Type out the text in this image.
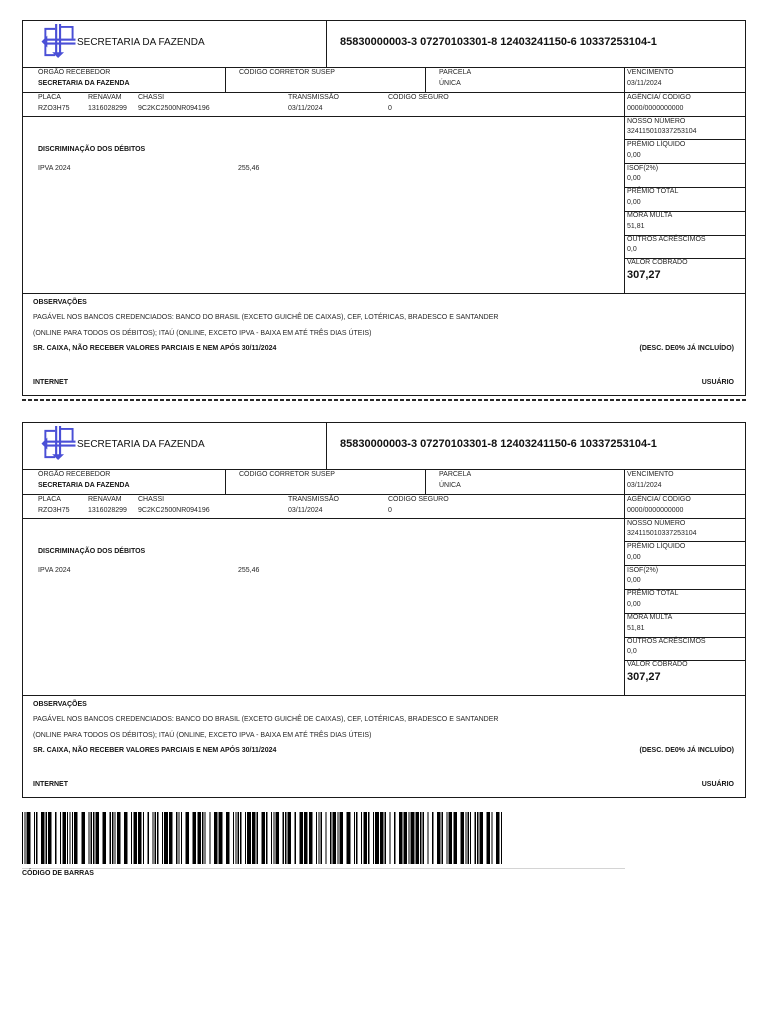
SECRETARIA DA FAZENDA	85830000003-3 07270103301-8 12403241150-6 10337253104-1
ÓRGÃO RECEBEDOR
SECRETARIA DA FAZENDA
CÓDIGO CORRETOR SUSEP	PARCELA
ÚNICA
PLACA
RZO3H75
RENAVAM
1316028299
CHASSI
9C2KC2500NR094196
TRANSMISSÃO
03/11/2024
CÓDIGO SEGURO
0
VENCIMENTO
03/11/2024
AGÊNCIA/ CÓDIGO
0000/0000000000
NOSSO NÚMERO
324115010337253104
PRÊMIO LÍQUIDO
0,00
ISOF(2%)
0,00
PRÊMIO TOTAL
0,00
MORA MULTA
51,81
OUTROS ACRÉSCIMOS
0,0
VALOR COBRADO
307,27
DISCRIMINAÇÃO DOS DÉBITOS
IPVA 2024	255,46
OBSERVAÇÕES
PAGÁVEL NOS BANCOS CREDENCIADOS: BANCO DO BRASIL (EXCETO GUICHÊ DE CAIXAS), CEF, LOTÉRICAS, BRADESCO E SANTANDER
(ONLINE PARA TODOS OS DÉBITOS); ITAÚ (ONLINE, EXCETO IPVA - BAIXA EM ATÉ TRÊS DIAS ÚTEIS)
SR. CAIXA, NÃO RECEBER VALORES PARCIAIS E NEM APÓS 30/11/2024	(DESC. DE0% JÁ INCLUÍDO)
INTERNET	USUÁRIO
SECRETARIA DA FAZENDA	85830000003-3 07270103301-8 12403241150-6 10337253104-1
ÓRGÃO RECEBEDOR
SECRETARIA DA FAZENDA
CÓDIGO CORRETOR SUSEP	PARCELA
ÚNICA
PLACA
RZO3H75
RENAVAM
1316028299
CHASSI
9C2KC2500NR094196
TRANSMISSÃO
03/11/2024
CÓDIGO SEGURO
0
VENCIMENTO
03/11/2024
AGÊNCIA/ CÓDIGO
0000/0000000000
NOSSO NÚMERO
324115010337253104
PRÊMIO LÍQUIDO
0,00
ISOF(2%)
0,00
PRÊMIO TOTAL
0,00
MORA MULTA
51,81
OUTROS ACRÉSCIMOS
0,0
VALOR COBRADO
307,27
DISCRIMINAÇÃO DOS DÉBITOS
IPVA 2024	255,46
OBSERVAÇÕES
PAGÁVEL NOS BANCOS CREDENCIADOS: BANCO DO BRASIL (EXCETO GUICHÊ DE CAIXAS), CEF, LOTÉRICAS, BRADESCO E SANTANDER
(ONLINE PARA TODOS OS DÉBITOS); ITAÚ (ONLINE, EXCETO IPVA - BAIXA EM ATÉ TRÊS DIAS ÚTEIS)
SR. CAIXA, NÃO RECEBER VALORES PARCIAIS E NEM APÓS 30/11/2024	(DESC. DE0% JÁ INCLUÍDO)
INTERNET	USUÁRIO
CÓDIGO DE BARRAS
